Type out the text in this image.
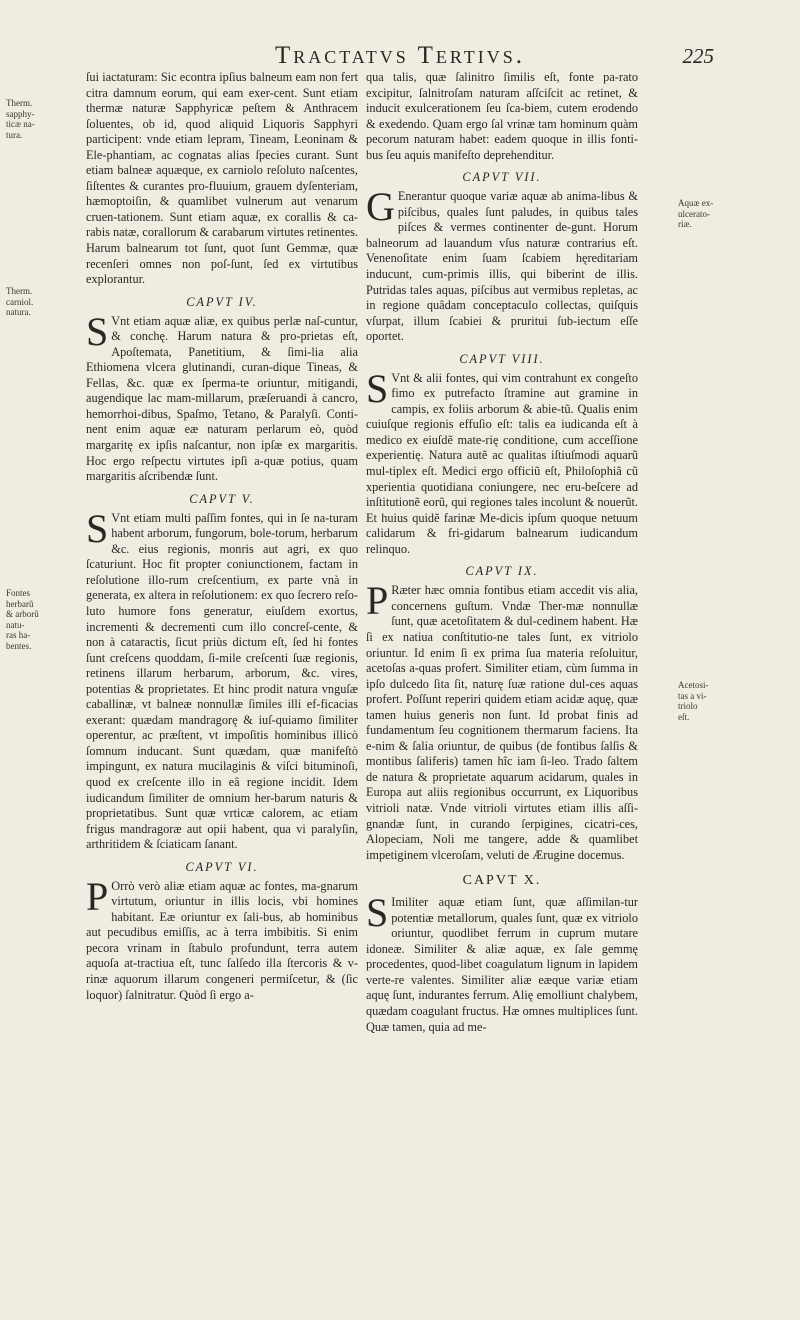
Tractatvs Tertivs.	225
Therm.
sapphy-
ticæ na-
tura.
Therm.
carniol.
natura.
Fontes
herbarũ
& arborũ
natu-
ras ha-
bentes.
Aquæ ex-
ulcerato-
riæ.
Acetosi-
tas a vi-
triolo
eſt.

ſui iactaturam: Sic econtra ipſius balneum eam non fert citra damnum eorum, qui eam exer-cent. Sunt etiam thermæ naturæ Sapphyricæ peſtem & Anthracem ſoluentes, ob id, quod aliquid Liquoris Sapphyri participent: vnde etiam lepram, Tineam, Leoninam & Ele-phantiam, ac cognatas alias ſpecies curant. Sunt etiam balneæ aquæque, ex carniolo reſoluto naſcentes, ſiſtentes & curantes pro-fluuium, grauem dyſenteriam, hæmoptoiſin, & quamlibet vulnerum aut venarum cruen-tationem. Sunt etiam aquæ, ex corallis & ca-rabis natæ, corallorum & carabarum virtutes retinentes. Harum balnearum tot ſunt, quot ſunt Gemmæ, quæ recenſeri omnes non poſ-ſunt, ſed ex virtutibus explorantur.

CAPVT IV.

S Vnt etiam aquæ aliæ, ex quibus perlæ naſ-cuntur, & conchę. Harum natura & pro-prietas eſt, Apoſtemata, Panetitium, & ſimi-lia alia Ethiomena vlcera glutinandi, curan-dique Tineas, & Fellas, &c. quæ ex ſperma-te oriuntur, mitigandi, augendique lac mam-millarum, præſeruandi à cancro, hemorrhoi-dibus, Spaſmo, Tetano, & Paralyſi. Conti-nent enim aquæ eæ naturam perlarum eò, quòd margaritę ex ipſis naſcantur, non ipſæ ex margaritis. Hoc ergo reſpectu virtutes ipſi a-quæ potius, quam margaritis aſcribendæ ſunt.

CAPVT V.

S Vnt etiam multi paſſim fontes, qui in ſe na-turam habent arborum, fungorum, bole-torum, herbarum &c. eius regionis, monris aut agri, ex quo ſcaturiunt. Hoc fit propter coniunctionem, factam in reſolutione illo-rum creſcentium, ex parte vnà in generata, ex altera in reſolutionem: ex quo ſecrero reſo-luto humore fons generatur, eiuſdem exortus, incrementi & decrementi cum illo concreſ-cente, & non à cataractis, ſicut priùs dictum eſt, ſed hi fontes ſunt creſcens quoddam, ſi-mile creſcenti ſuæ regionis, retinens illarum herbarum, arborum, &c. vires, potentias & proprietates. Et hinc prodit natura vnguſæ caballinæ, vt balneæ nonnullæ ſimiles illi ef-ficacias exerant: quædam mandragorę & iuſ-quiamo ſimiliter operentur, ac præſtent, vt impoſitis hominibus illicò ſomnum inducant. Sunt quædam, quæ manifeſtò impingunt, ex natura mucilaginis & viſci bituminoſi, quod ex creſcente illo in eâ regione incidit. Idem iudicandum ſimiliter de omnium her-barum naturis & proprietatibus. Sunt quæ vrticæ calorem, ac etiam frigus mandragoræ aut opii habent, qua vi paralyſin, arthritidem & ſciaticam ſanant.

CAPVT VI.

P Orrò verò aliæ etiam aquæ ac fontes, ma-gnarum virtutum, oriuntur in illis locis, vbi homines habitant. Eæ oriuntur ex ſali-bus, ab hominibus aut pecudibus emiſſis, ac à terra imbibitis. Si enim pecora vrinam in ſtabulo profundunt, terra autem aquoſa at-tractiua eſt, tunc ſalſedo illa ſtercoris & v-rinæ aquorum illarum congeneri permiſcetur, & (ſic loquor) ſalnitratur. Quòd ſi ergo a-

qua talis, quæ ſalinitro ſimilis eſt, fonte pa-rato excipitur, ſalnitroſam naturam aſſciſcit ac retinet, & inducit exulcerationem ſeu ſca-biem, cutem erodendo & exedendo. Quam ergo ſal vrinæ tam hominum quàm pecorum naturam habet: eadem quoque in illis fonti-bus ſeu aquis manifeſto deprehenditur.

CAPVT VII.

G Enerantur quoque variæ aquæ ab anima-libus & piſcibus, quales ſunt paludes, in quibus tales piſces & vermes continenter de-gunt. Horum balneorum ad lauandum vſus naturæ contrarius eſt. Venenoſitate enim ſuam ſcabiem hęreditariam inducunt, cum-primis illis, qui biberint de illis. Putridas tales aquas, piſcibus aut vermibus repletas, ac in regione quâdam conceptaculo collectas, quiſquis vſurpat, illum ſcabiei & pruritui ſub-iectum eſſe oportet.

CAPVT VIII.

S Vnt & alii fontes, qui vim contrahunt ex congeſto fimo ex putrefacto ſtramine aut gramine in campis, ex foliis arborum & abie-tũ. Qualis enim cuiuſque regionis effuſio eſt: talis ea iudicanda eſt à medico ex eiuſdẽ mate-rię conditione, cum acceſſione experientię. Natura autẽ ac qualitas iſtiuſmodi aquarũ mul-tiplex eſt. Medici ergo officiũ eſt, Philoſophiã cũ xperientia quotidiana coniungere, nec eru-beſcere ad inſtitutionẽ eorũ, qui regiones tales incolunt & nouerũt. Et huius quidẽ farinæ Me-dicis ipſum quoque netuum calidarum & fri-gidarum balnearum iudicandum relinquo.

CAPVT IX.

P Ræter hæc omnia fontibus etiam accedit vis alia, concernens guſtum. Vndæ Ther-mæ nonnullæ ſunt, quæ acetoſitatem & dul-cedinem habent. Hæ ſi ex natiua conſtitutio-ne tales ſunt, ex vitriolo oriuntur. Id enim ſi ex prima ſua materia reſoluitur, acetoſas a-quas profert. Similiter etiam, cùm ſumma in ipſo dulcedo ſita ſit, naturę ſuæ ratione dul-ces aquas profert. Poſſunt reperiri quidem etiam acidæ aquę, quæ tamen huius generis non ſunt. Id probat finis ad fundamentum ſeu cognitionem thermarum faciens. Ita e-nim & ſalia oriuntur, de quibus (de fontibus ſalſis & montibus ſaliferis) tamen hîc iam ſi-leo. Trado ſaltem de natura & proprietate aquarum acidarum, quales in Europa aut aliis regionibus occurrunt, ex Liquoribus vitrioli natæ. Vnde vitrioli virtutes etiam illis aſſi-gnandæ ſunt, in curando ſerpigines, cicatri-ces, Alopeciam, Noli me tangere, adde & quamlibet impetiginem vlceroſam, veluti de Ærugine docemus.

CAPVT X.

S Imiliter aquæ etiam ſunt, quæ aſſimilan-tur potentiæ metallorum, quales ſunt, quæ ex vitriolo oriuntur, quodlibet ferrum in cuprum mutare idoneæ. Similiter & aliæ aquæ, ex ſale gemmę procedentes, quod-libet coagulatum lignum in lapidem verte-re valentes. Similiter aliæ eæque variæ etiam aquę ſunt, indurantes ferrum. Alię emolliunt chalybem, quædam coagulant fructus. Hæ omnes multiplices ſunt. Quæ tamen, quia ad me-
